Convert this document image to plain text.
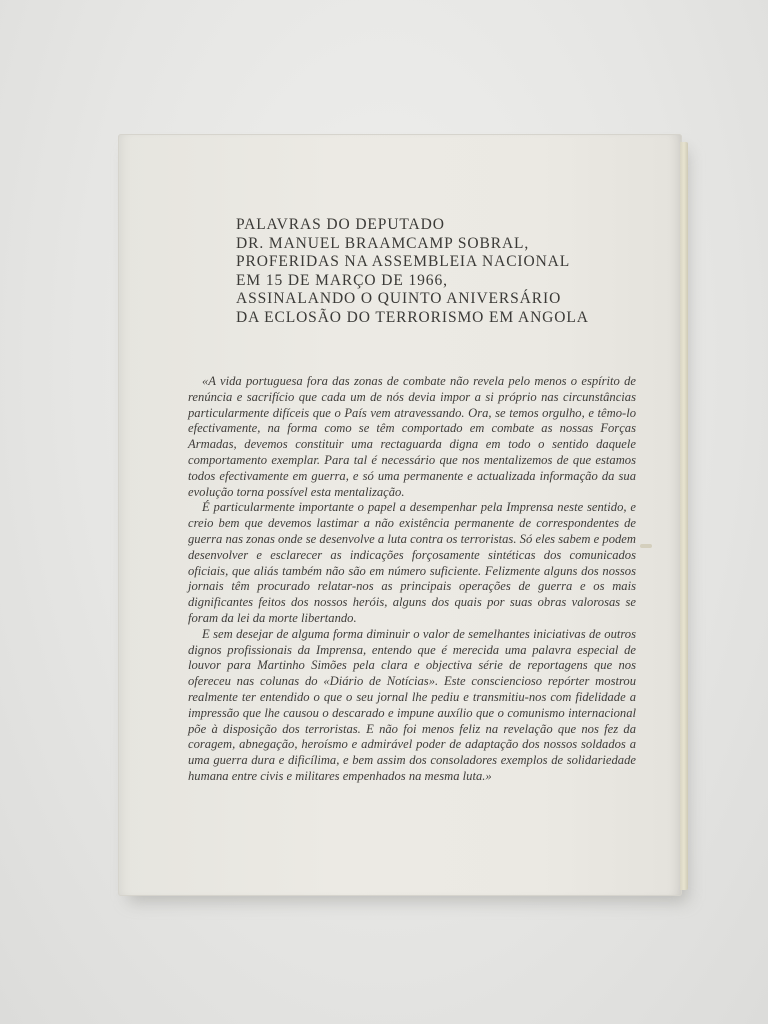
PALAVRAS DO DEPUTADO
DR. MANUEL BRAAMCAMP SOBRAL,
PROFERIDAS NA ASSEMBLEIA NACIONAL
EM 15 DE MARÇO DE 1966,
ASSINALANDO O QUINTO ANIVERSÁRIO
DA ECLOSÃO DO TERRORISMO EM ANGOLA

«A vida portuguesa fora das zonas de combate não revela pelo menos o espírito de renúncia e sacrifício que cada um de nós devia impor a si próprio nas circunstâncias particularmente difíceis que o País vem atravessando. Ora, se temos orgulho, e têmo-lo efectivamente, na forma como se têm comportado em combate as nossas Forças Armadas, devemos constituir uma rectaguarda digna em todo o sentido daquele comportamento exemplar. Para tal é necessário que nos mentalizemos de que estamos todos efectivamente em guerra, e só uma permanente e actualizada informação da sua evolução torna possível esta mentalização.

É particularmente importante o papel a desempenhar pela Imprensa neste sentido, e creio bem que devemos lastimar a não existência permanente de correspondentes de guerra nas zonas onde se desenvolve a luta contra os terroristas. Só eles sabem e podem desenvolver e esclarecer as indicações forçosamente sintéticas dos comunicados oficiais, que aliás também não são em número suficiente. Felizmente alguns dos nossos jornais têm procurado relatar-nos as principais operações de guerra e os mais dignificantes feitos dos nossos heróis, alguns dos quais por suas obras valorosas se foram da lei da morte libertando.

E sem desejar de alguma forma diminuir o valor de semelhantes iniciativas de outros dignos profissionais da Imprensa, entendo que é merecida uma palavra especial de louvor para Martinho Simões pela clara e objectiva série de reportagens que nos ofereceu nas colunas do «Diário de Notícias». Este consciencioso repórter mostrou realmente ter entendido o que o seu jornal lhe pediu e transmitiu-nos com fidelidade a impressão que lhe causou o descarado e impune auxílio que o comunismo internacional põe à disposição dos terroristas. E não foi menos feliz na revelação que nos fez da coragem, abnegação, heroísmo e admirável poder de adaptação dos nossos soldados a uma guerra dura e dificílima, e bem assim dos consoladores exemplos de solidariedade humana entre civis e militares empenhados na mesma luta.»
